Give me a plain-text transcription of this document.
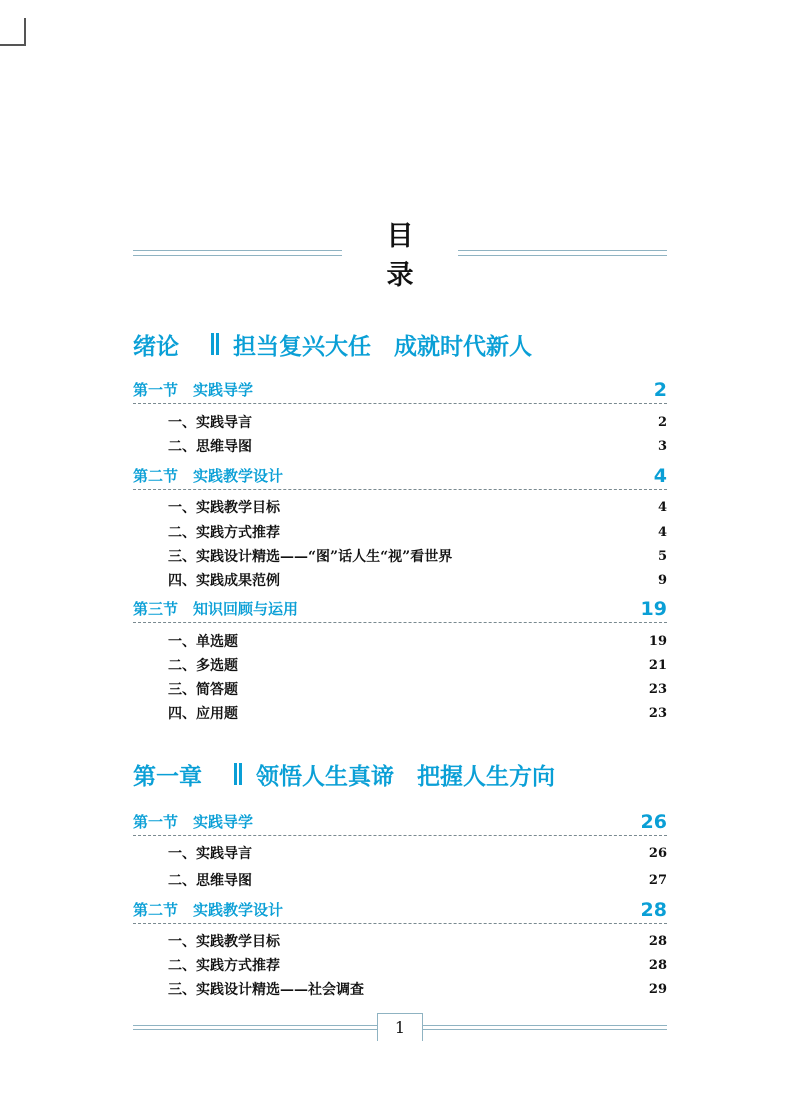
目录
绪论 担当复兴大任　成就时代新人
第一节　实践导学	2
一、实践导言	2
二、思维导图	3
第二节　实践教学设计	4
一、实践教学目标	4
二、实践方式推荐	4
三、实践设计精选——“图”话人生“视”看世界	5
四、实践成果范例	9
第三节　知识回顾与运用	19
一、单选题	19
二、多选题	21
三、简答题	23
四、应用题	23
第一章 领悟人生真谛　把握人生方向
第一节　实践导学	26
一、实践导言	26
二、思维导图	27
第二节　实践教学设计	28
一、实践教学目标	28
二、实践方式推荐	28
三、实践设计精选——社会调查	29
1
